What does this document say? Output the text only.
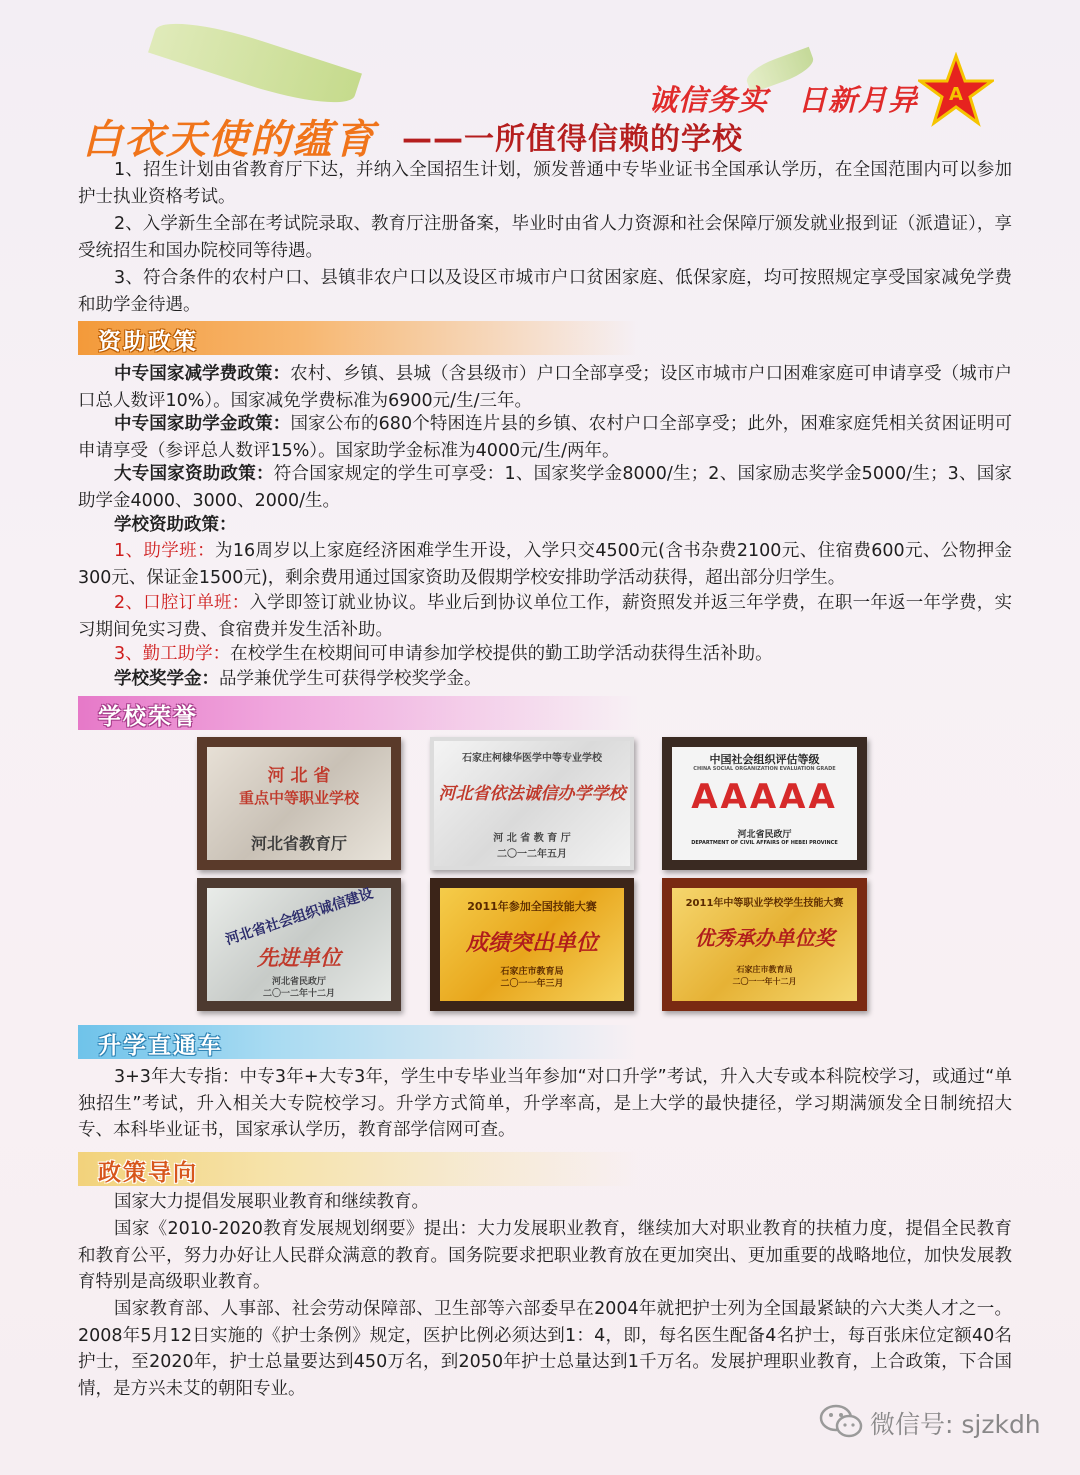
诚信务实　日新月异 A
白衣天使的蕴育 ——一所值得信赖的学校

1、招生计划由省教育厅下达，并纳入全国招生计划，颁发普通中专毕业证书全国承认学历，在全国范围内可以参加护士执业资格考试。

2、入学新生全部在考试院录取、教育厅注册备案，毕业时由省人力资源和社会保障厅颁发就业报到证（派遣证），享受统招生和国办院校同等待遇。

3、符合条件的农村户口、县镇非农户口以及设区市城市户口贫困家庭、低保家庭，均可按照规定享受国家减免学费和助学金待遇。

资助政策

中专国家减学费政策：农村、乡镇、县城（含县级市）户口全部享受；设区市城市户口困难家庭可申请享受（城市户口总人数评10%）。国家减免学费标准为6900元/生/三年。

中专国家助学金政策：国家公布的680个特困连片县的乡镇、农村户口全部享受；此外，困难家庭凭相关贫困证明可申请享受（参评总人数评15%）。国家助学金标准为4000元/生/两年。

大专国家资助政策：符合国家规定的学生可享受：1、国家奖学金8000/生；2、国家励志奖学金5000/生；3、国家助学金4000、3000、2000/生。

学校资助政策：

1、助学班：为16周岁以上家庭经济困难学生开设，入学只交4500元(含书杂费2100元、住宿费600元、公物押金300元、保证金1500元)，剩余费用通过国家资助及假期学校安排助学活动获得，超出部分归学生。

2、口腔订单班：入学即签订就业协议。毕业后到协议单位工作，薪资照发并返三年学费，在职一年返一年学费，实习期间免实习费、食宿费并发生活补助。

3、勤工助学：在校学生在校期间可申请参加学校提供的勤工助学活动获得生活补助。

学校奖学金：品学兼优学生可获得学校奖学金。

学校荣誉
河 北 省
重点中等职业学校
河北省教育厅
石家庄柯棣华医学中等专业学校
河北省依法诚信办学学校
河 北 省 教 育 厅
二〇一二年五月
中国社会组织评估等级
CHINA SOCIAL ORGANIZATION EVALUATION GRADE
AAAAA
河北省民政厅
DEPARTMENT OF CIVIL AFFAIRS OF HEBEI PROVINCE
河北省社会组织诚信建设
先进单位
河北省民政厅
二〇一二年十二月
2011年参加全国技能大赛
成绩突出单位
石家庄市教育局
二〇一一年三月
2011年中等职业学校学生技能大赛
优秀承办单位奖
石家庄市教育局
二〇一一年十二月
升学直通车

3+3年大专指：中专3年+大专3年，学生中专毕业当年参加“对口升学”考试，升入大专或本科院校学习，或通过“单独招生”考试，升入相关大专院校学习。升学方式简单，升学率高，是上大学的最快捷径，学习期满颁发全日制统招大专、本科毕业证书，国家承认学历，教育部学信网可查。

政策导向

国家大力提倡发展职业教育和继续教育。

国家《2010-2020教育发展规划纲要》提出：大力发展职业教育，继续加大对职业教育的扶植力度，提倡全民教育和教育公平，努力办好让人民群众满意的教育。国务院要求把职业教育放在更加突出、更加重要的战略地位，加快发展教育特别是高级职业教育。

国家教育部、人事部、社会劳动保障部、卫生部等六部委早在2004年就把护士列为全国最紧缺的六大类人才之一。2008年5月12日实施的《护士条例》规定，医护比例必须达到1：4，即，每名医生配备4名护士，每百张床位定额40名护士，至2020年，护士总量要达到450万名，到2050年护士总量达到1千万名。发展护理职业教育，上合政策，下合国情，是方兴未艾的朝阳专业。

微信号: sjzkdh
